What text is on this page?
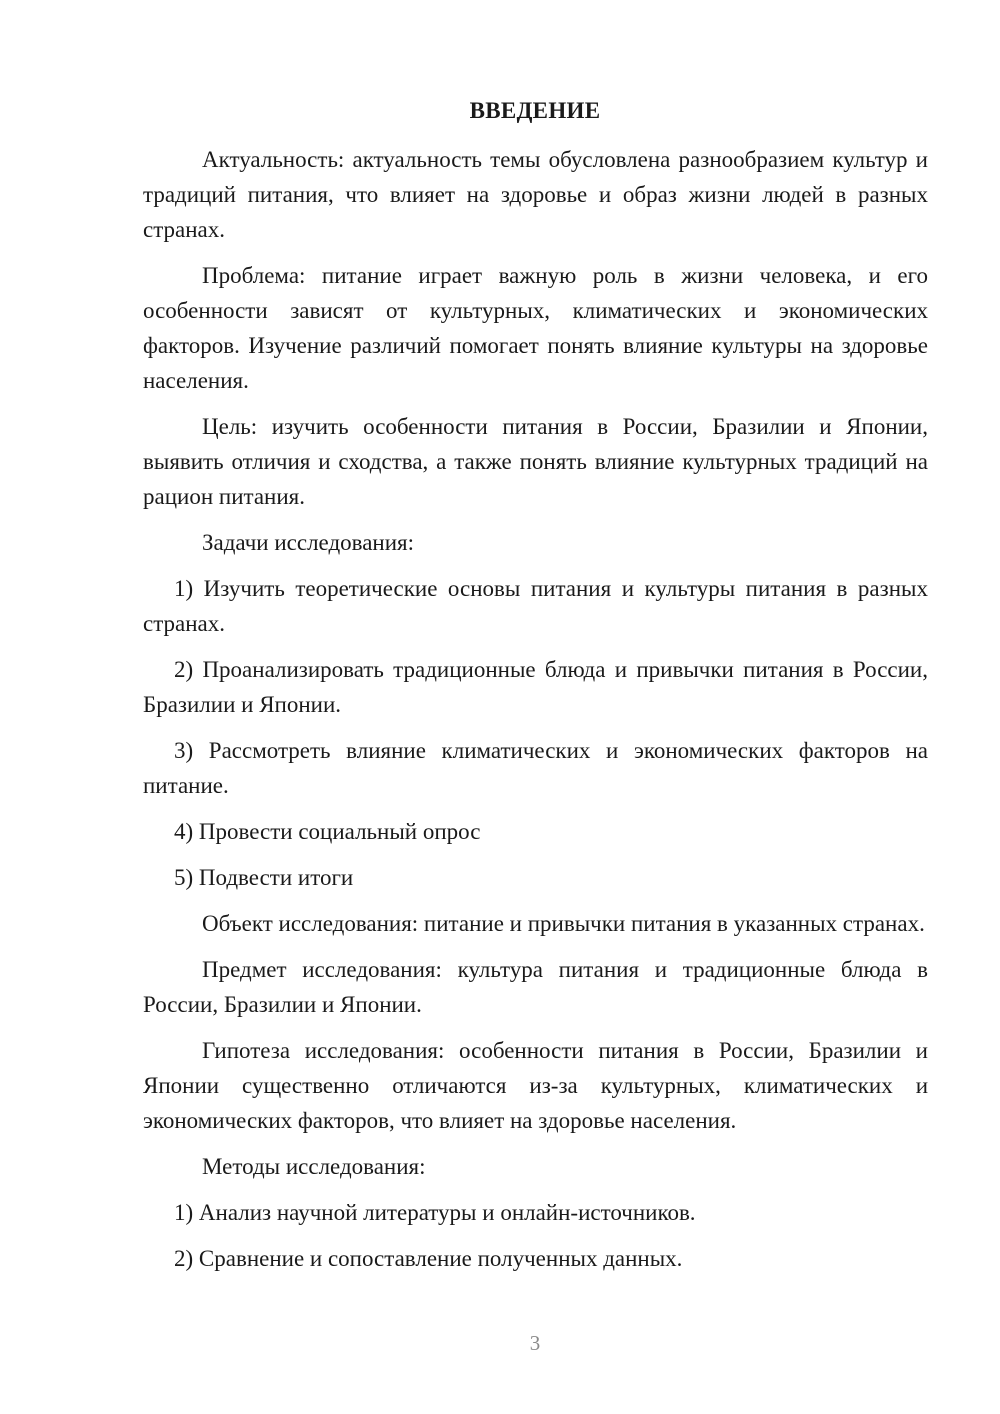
ВВЕДЕНИЕ

Актуальность: актуальность темы обусловлена разнообразием культур и традиций питания, что влияет на здоровье и образ жизни людей в разных странах.

Проблема: питание играет важную роль в жизни человека, и его особенности зависят от культурных, климатических и экономических факторов. Изучение различий помогает понять влияние культуры на здоровье населения.

Цель: изучить особенности питания в России, Бразилии и Японии, выявить отличия и сходства, а также понять влияние культурных традиций на рацион питания.

Задачи исследования:

1) Изучить теоретические основы питания и культуры питания в разных странах.

2) Проанализировать традиционные блюда и привычки питания в России, Бразилии и Японии.

3) Рассмотреть влияние климатических и экономических факторов на питание.

4) Провести социальный опрос

5) Подвести итоги

Объект исследования: питание и привычки питания в указанных странах.

Предмет исследования: культура питания и традиционные блюда в России, Бразилии и Японии.

Гипотеза исследования: особенности питания в России, Бразилии и Японии существенно отличаются из-за культурных, климатических и экономических факторов, что влияет на здоровье населения.

Методы исследования:

1) Анализ научной литературы и онлайн-источников.

2) Сравнение и сопоставление полученных данных.

3
